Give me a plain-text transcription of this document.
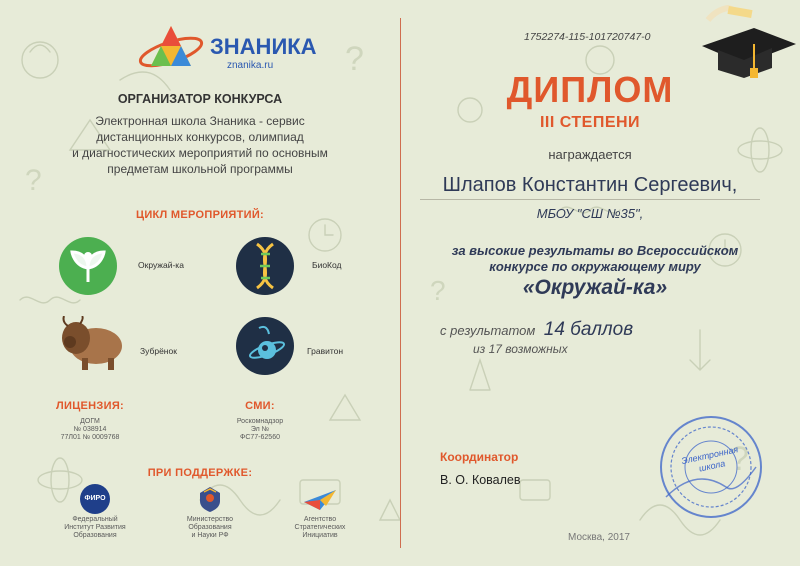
?
?
?
?
ЗНАНИКА
znanika.ru
ОРГАНИЗАТОР КОНКУРСА
Электронная школа Знаника - сервис
дистанционных конкурсов, олимпиад
и диагностических мероприятий по основным
предметам школьной программы
ЦИКЛ МЕРОПРИЯТИЙ:
Окружай-ка	БиоКод
Зубрёнок	Гравитон
ЛИЦЕНЗИЯ:
ДОГМ
№ 038914
77Л01 № 0009768
СМИ:
Роскомнадзор
Эл №
ФС77-62560
ПРИ ПОДДЕРЖКЕ:
ФИРО
Федеральный
Институт Развития
Образования
Министерство
Образования
и Науки РФ
Агентство
Стратегических
Инициатив
1752274-115-101720747-0
ДИПЛОМ
III СТЕПЕНИ
награждается
Шлапов Константин Сергеевич,
МБОУ "СШ №35",
за высокие результаты во Всероссийском
конкурсе по окружающему миру
«Окружай-ка»
с результатом 14 баллов
из 17 возможных
Координатор
В. О. Ковалев
Электронная школа
Москва, 2017
